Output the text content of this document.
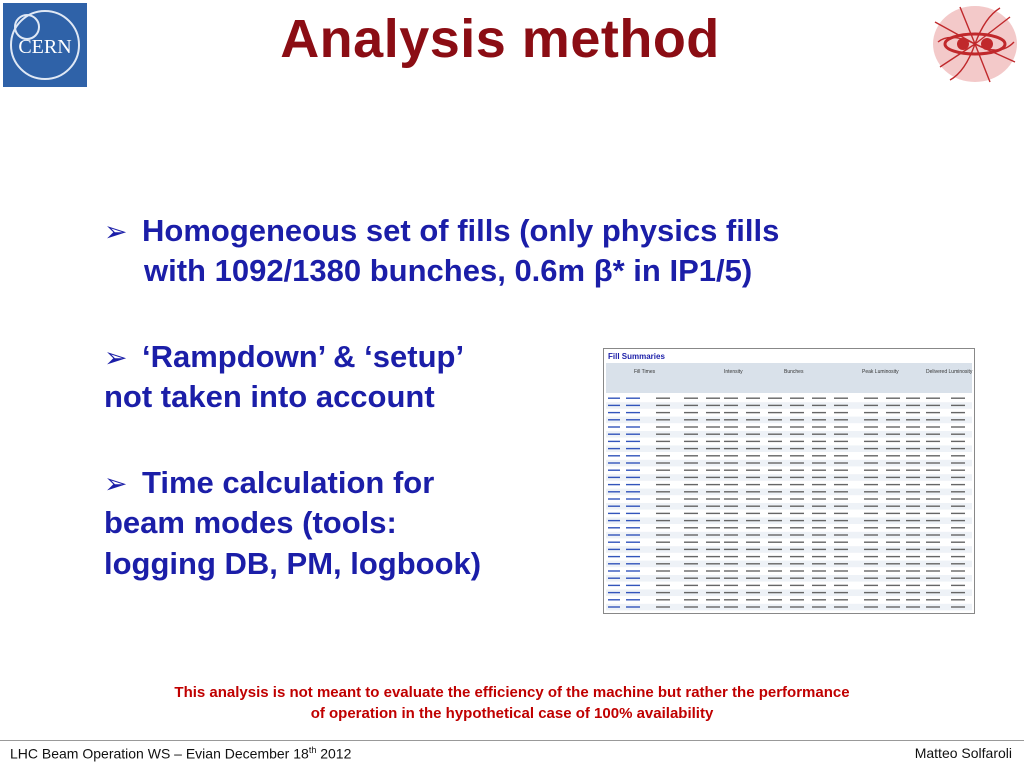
CERN	Analysis method
➢ Homogeneous set of fills (only physics fills
with 1092/1380 bunches, 0.6m β* in IP1/5)
➢ ‘Rampdown’ & ‘setup’
not taken into account
➢ Time calculation for
beam modes (tools:
logging DB, PM, logbook)
Fill Summaries
Fill Times	Intensity	Bunches	Peak Luminosity	Delivered Luminosity
This analysis is not meant to evaluate the efficiency of the machine but rather the performance
of operation in the hypothetical case of 100% availability
LHC Beam Operation WS – Evian December 18th 2012	Matteo Solfaroli
